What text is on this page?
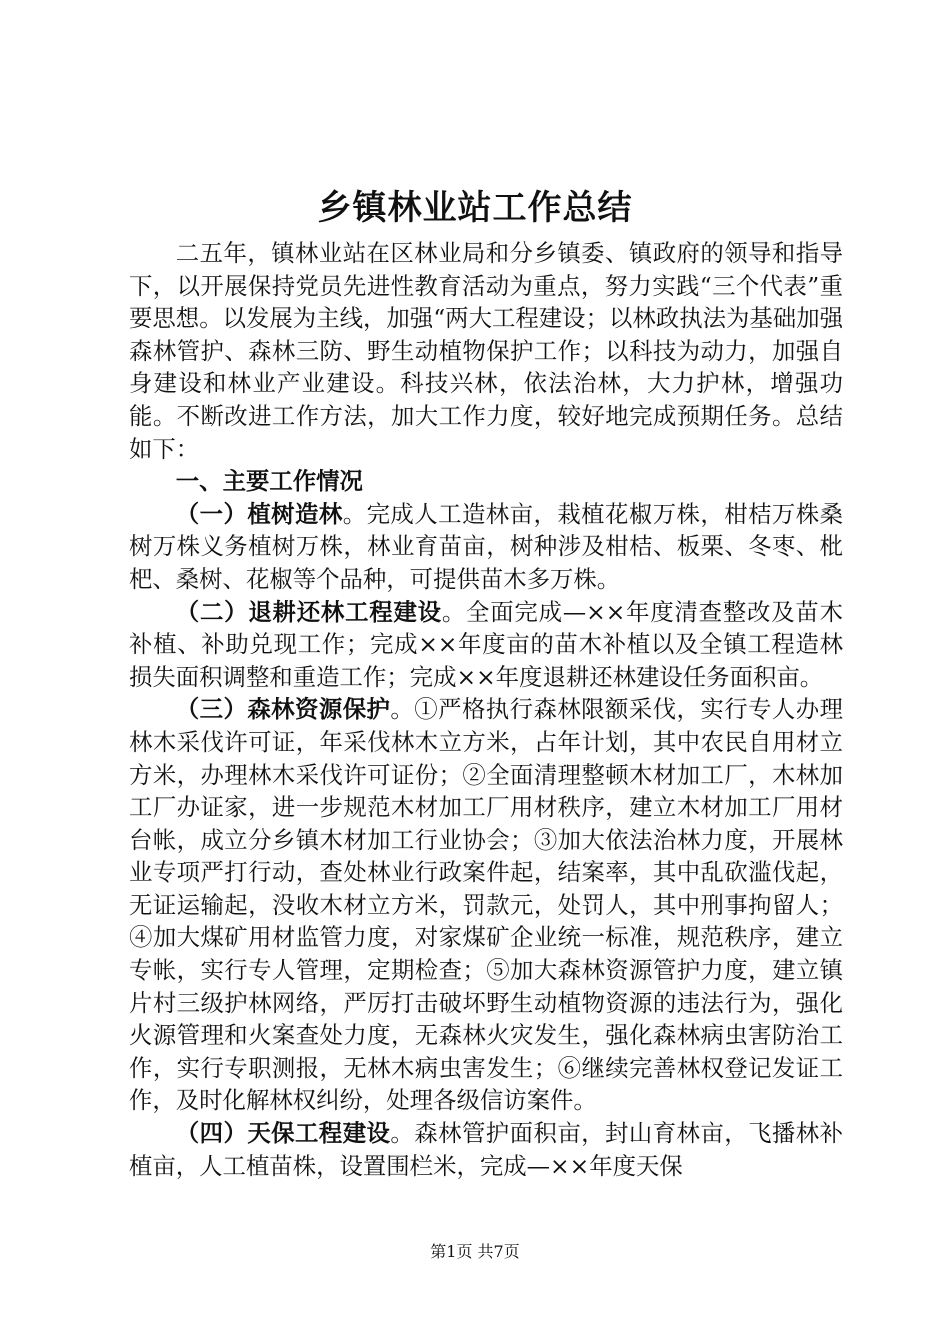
乡镇林业站工作总结

二五年，镇林业站在区林业局和分乡镇委、镇政府的领导和指导下，以开展保持党员先进性教育活动为重点，努力实践“三个代表”重要思想。以发展为主线，加强“两大工程建设；以林政执法为基础加强森林管护、森林三防、野生动植物保护工作；以科技为动力，加强自身建设和林业产业建设。科技兴林，依法治林，大力护林，增强功能。不断改进工作方法，加大工作力度，较好地完成预期任务。总结如下：

一、主要工作情况

（一）植树造林。完成人工造林亩，栽植花椒万株，柑桔万株桑树万株义务植树万株，林业育苗亩，树种涉及柑桔、板栗、冬枣、枇杷、桑树、花椒等个品种，可提供苗木多万株。

（二）退耕还林工程建设。全面完成—××年度清查整改及苗木补植、补助兑现工作；完成××年度亩的苗木补植以及全镇工程造林损失面积调整和重造工作；完成××年度退耕还林建设任务面积亩。

（三）森林资源保护。①严格执行森林限额采伐，实行专人办理林木采伐许可证，年采伐林木立方米，占年计划，其中农民自用材立方米，办理林木采伐许可证份；②全面清理整顿木材加工厂，木林加工厂办证家，进一步规范木材加工厂用材秩序，建立木材加工厂用材台帐，成立分乡镇木材加工行业协会；③加大依法治林力度，开展林业专项严打行动，查处林业行政案件起，结案率，其中乱砍滥伐起，无证运输起，没收木材立方米，罚款元，处罚人，其中刑事拘留人；④加大煤矿用材监管力度，对家煤矿企业统一标准，规范秩序，建立专帐，实行专人管理，定期检查；⑤加大森林资源管护力度，建立镇片村三级护林网络，严厉打击破坏野生动植物资源的违法行为，强化火源管理和火案查处力度，无森林火灾发生，强化森林病虫害防治工作，实行专职测报，无林木病虫害发生；⑥继续完善林权登记发证工作，及时化解林权纠纷，处理各级信访案件。

（四）天保工程建设。森林管护面积亩，封山育林亩，飞播林补植亩，人工植苗株，设置围栏米，完成—××年度天保

第1页 共7页
